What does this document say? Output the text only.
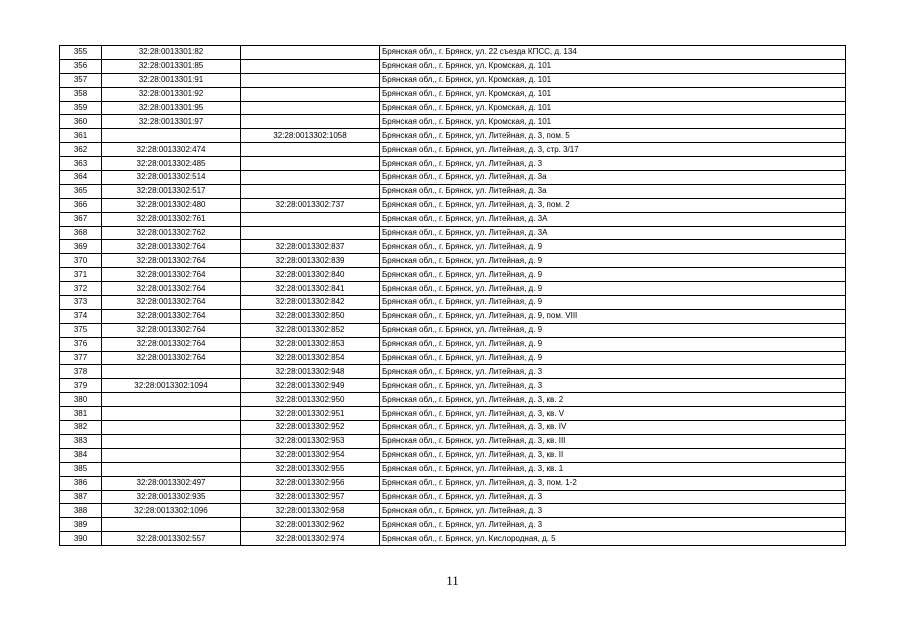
355	32:28:0013301:82		Брянская обл., г. Брянск, ул. 22 съезда КПСС, д. 134
356	32:28:0013301:85		Брянская обл., г. Брянск, ул. Кромская, д. 101
357	32:28:0013301:91		Брянская обл., г. Брянск, ул. Кромская, д. 101
358	32:28:0013301:92		Брянская обл., г. Брянск, ул. Кромская, д. 101
359	32:28:0013301:95		Брянская обл., г. Брянск, ул. Кромская, д. 101
360	32:28:0013301:97		Брянская обл., г. Брянск, ул. Кромская, д. 101
361		32:28:0013302:1058	Брянская обл., г. Брянск, ул. Литейная, д. 3, пом. 5
362	32:28:0013302:474		Брянская обл., г. Брянск, ул. Литейная, д. 3, стр. 3/17
363	32:28:0013302:485		Брянская обл., г. Брянск, ул. Литейная, д. 3
364	32:28:0013302:514		Брянская обл., г. Брянск, ул. Литейная, д. 3а
365	32:28:0013302:517		Брянская обл., г. Брянск, ул. Литейная, д. 3а
366	32:28:0013302:480	32:28:0013302:737	Брянская обл., г. Брянск, ул. Литейная, д. 3, пом. 2
367	32:28:0013302:761		Брянская обл., г. Брянск, ул. Литейная, д. 3А
368	32:28:0013302:762		Брянская обл., г. Брянск, ул. Литейная, д. 3А
369	32:28:0013302:764	32:28:0013302:837	Брянская обл., г. Брянск, ул. Литейная, д. 9
370	32:28:0013302:764	32:28:0013302:839	Брянская обл., г. Брянск, ул. Литейная, д. 9
371	32:28:0013302:764	32:28:0013302:840	Брянская обл., г. Брянск, ул. Литейная, д. 9
372	32:28:0013302:764	32:28:0013302:841	Брянская обл., г. Брянск, ул. Литейная, д. 9
373	32:28:0013302:764	32:28:0013302:842	Брянская обл., г. Брянск, ул. Литейная, д. 9
374	32:28:0013302:764	32:28:0013302:850	Брянская обл., г. Брянск, ул. Литейная, д. 9, пом. VIII
375	32:28:0013302:764	32:28:0013302:852	Брянская обл., г. Брянск, ул. Литейная, д. 9
376	32:28:0013302:764	32:28:0013302:853	Брянская обл., г. Брянск, ул. Литейная, д. 9
377	32:28:0013302:764	32:28:0013302:854	Брянская обл., г. Брянск, ул. Литейная, д. 9
378		32:28:0013302:948	Брянская обл., г. Брянск, ул. Литейная, д. 3
379	32:28:0013302:1094	32:28:0013302:949	Брянская обл., г. Брянск, ул. Литейная, д. 3
380		32:28:0013302:950	Брянская обл., г. Брянск, ул. Литейная, д. 3, кв. 2
381		32:28:0013302:951	Брянская обл., г. Брянск, ул. Литейная, д. 3, кв. V
382		32:28:0013302:952	Брянская обл., г. Брянск, ул. Литейная, д. 3, кв. IV
383		32:28:0013302:953	Брянская обл., г. Брянск, ул. Литейная, д. 3, кв. III
384		32:28:0013302:954	Брянская обл., г. Брянск, ул. Литейная, д. 3, кв. II
385		32:28:0013302:955	Брянская обл., г. Брянск, ул. Литейная, д. 3, кв. 1
386	32:28:0013302:497	32:28:0013302:956	Брянская обл., г. Брянск, ул. Литейная, д. 3, пом. 1-2
387	32:28:0013302:935	32:28:0013302:957	Брянская обл., г. Брянск, ул. Литейная, д. 3
388	32:28:0013302:1096	32:28:0013302:958	Брянская обл., г. Брянск, ул. Литейная, д. 3
389		32:28:0013302:962	Брянская обл., г. Брянск, ул. Литейная, д. 3
390	32:28:0013302:557	32:28:0013302:974	Брянская обл., г. Брянск, ул. Кислородная, д. 5
11
